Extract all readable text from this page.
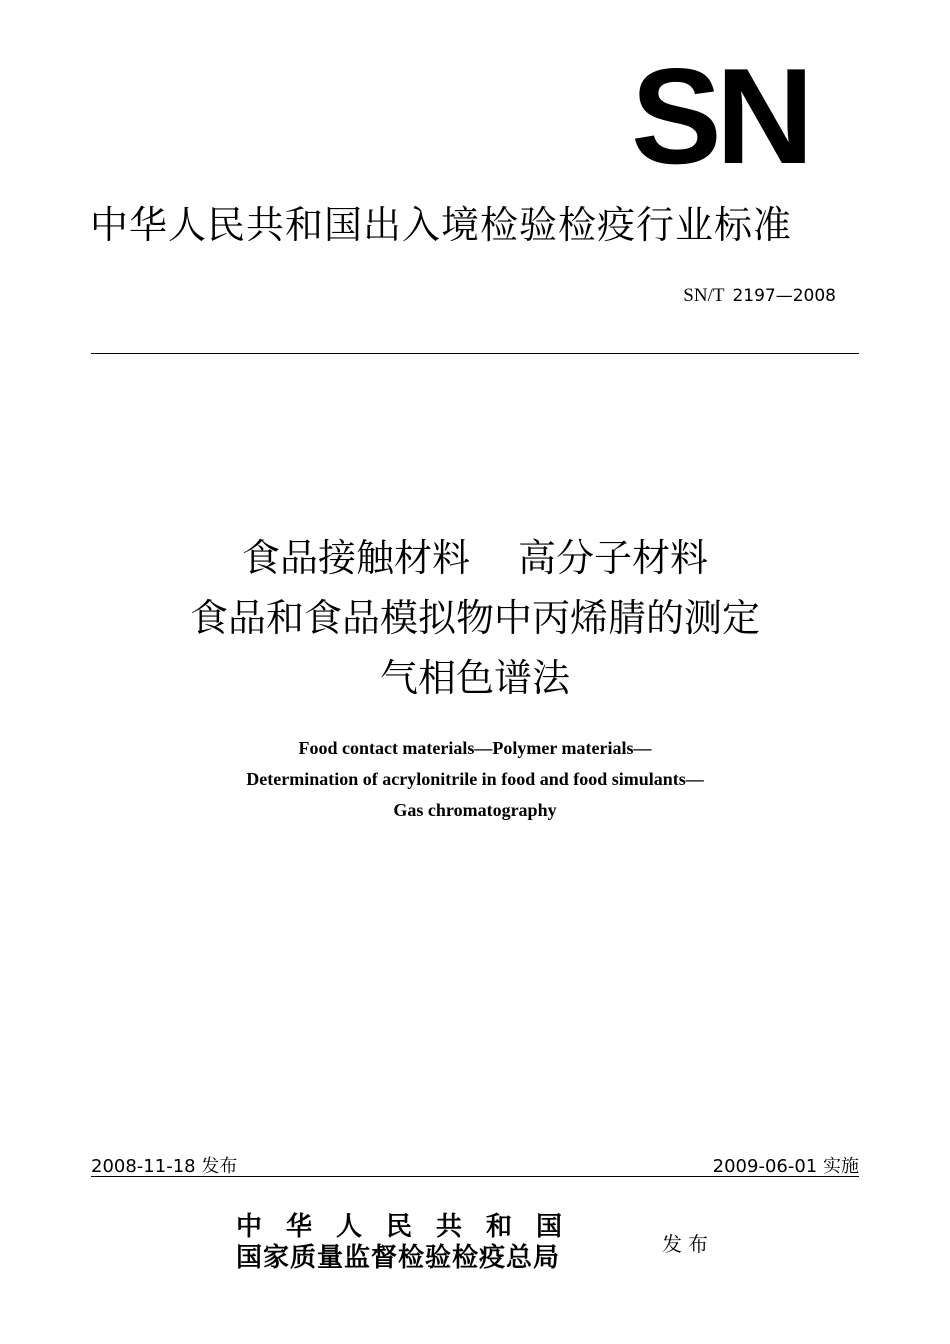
SN
中华人民共和国出入境检验检疫行业标准
SN/T 2197—2008
食品接触材料 高分子材料
食品和食品模拟物中丙烯腈的测定
气相色谱法
Food contact materials—Polymer materials—
Determination of acrylonitrile in food and food simulants—
Gas chromatography
2008-11-18 发布	2009-06-01 实施
中华人民共和国
国家质量监督检验检疫总局	发布
